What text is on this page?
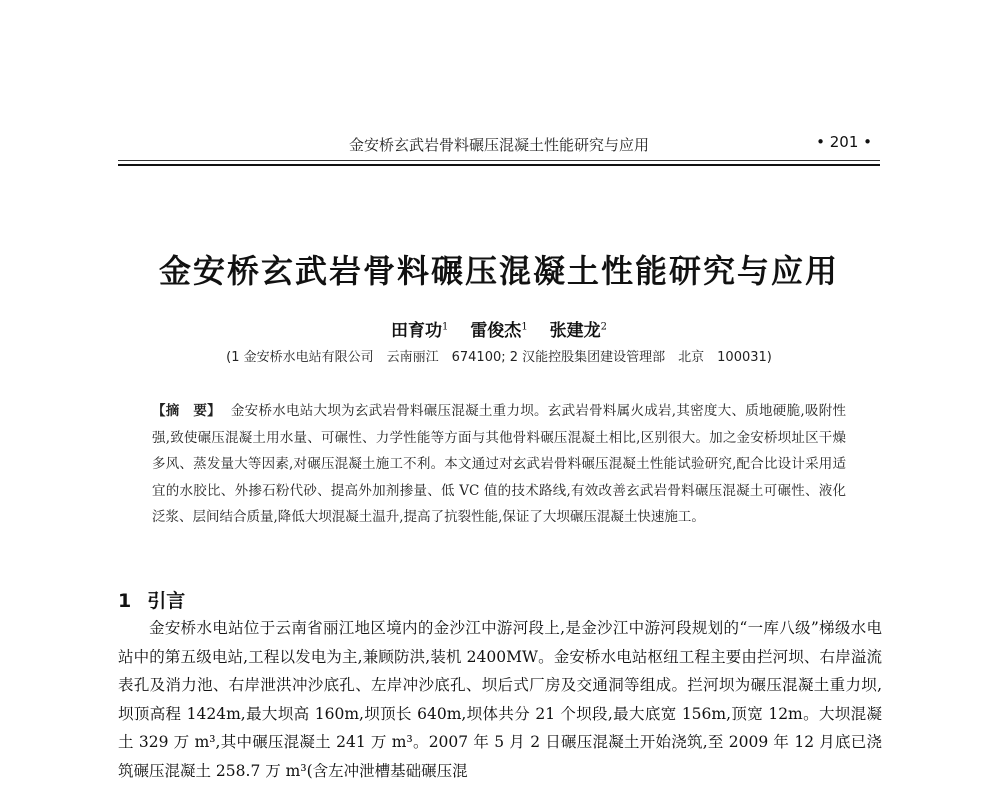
金安桥玄武岩骨料碾压混凝土性能研究与应用	• 201 •
金安桥玄武岩骨料碾压混凝土性能研究与应用
田育功$^1$ 雷俊杰$^1$ 张建龙$^2$
(1 金安桥水电站有限公司　云南丽江　674100; 2 汉能控股集团建设管理部　北京　100031)
【摘　要】 金安桥水电站大坝为玄武岩骨料碾压混凝土重力坝。玄武岩骨料属火成岩,其密度大、质地硬脆,吸附性强,致使碾压混凝土用水量、可碾性、力学性能等方面与其他骨料碾压混凝土相比,区别很大。加之金安桥坝址区干燥多风、蒸发量大等因素,对碾压混凝土施工不利。本文通过对玄武岩骨料碾压混凝土性能试验研究,配合比设计采用适宜的水胶比、外掺石粉代砂、提高外加剂掺量、低 VC 值的技术路线,有效改善玄武岩骨料碾压混凝土可碾性、液化泛浆、层间结合质量,降低大坝混凝土温升,提高了抗裂性能,保证了大坝碾压混凝土快速施工。
1 引言
金安桥水电站位于云南省丽江地区境内的金沙江中游河段上,是金沙江中游河段规划的“一库八级”梯级水电站中的第五级电站,工程以发电为主,兼顾防洪,装机 2400MW。金安桥水电站枢纽工程主要由拦河坝、右岸溢流表孔及消力池、右岸泄洪冲沙底孔、左岸冲沙底孔、坝后式厂房及交通洞等组成。拦河坝为碾压混凝土重力坝,坝顶高程 1424m,最大坝高 160m,坝顶长 640m,坝体共分 21 个坝段,最大底宽 156m,顶宽 12m。大坝混凝土 329 万 m³,其中碾压混凝土 241 万 m³。2007 年 5 月 2 日碾压混凝土开始浇筑,至 2009 年 12 月底已浇筑碾压混凝土 258.7 万 m³(含左冲泄槽基础碾压混
